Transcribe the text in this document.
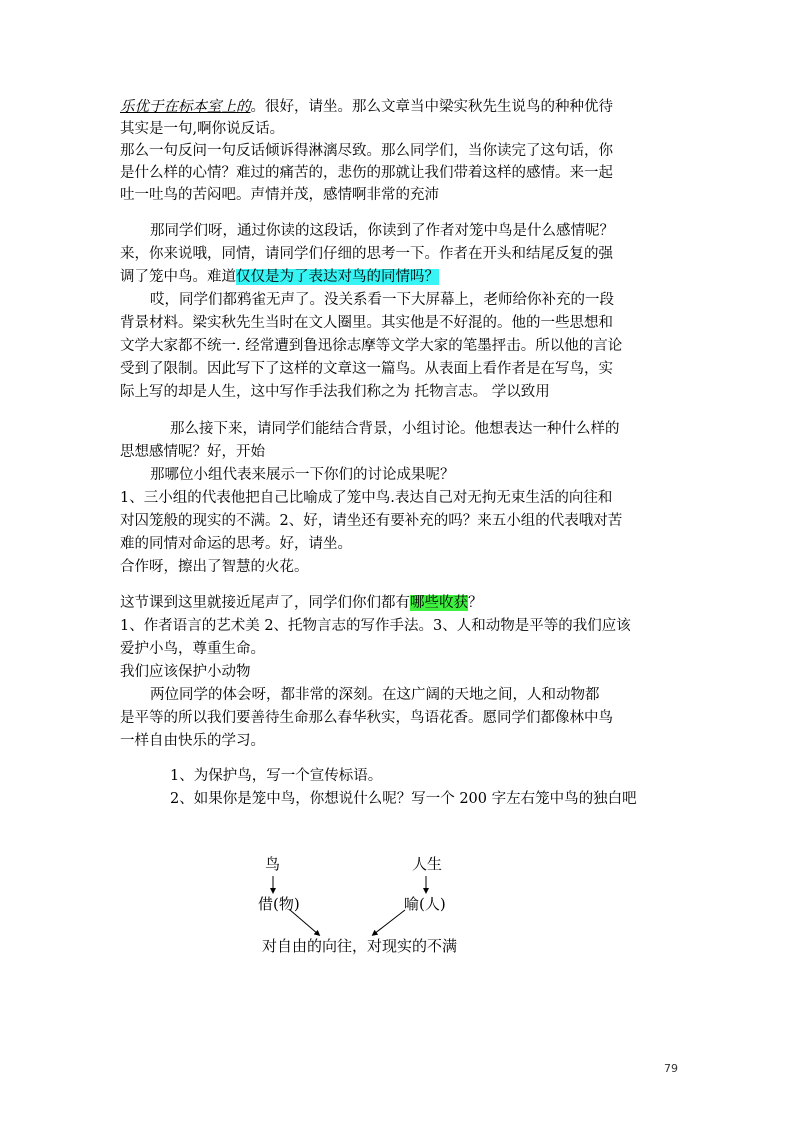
乐优于在标本室上的。很好，请坐。那么文章当中梁实秋先生说鸟的种种优待
其实是一句,啊你说反话。
那么一句反问一句反话倾诉得淋漓尽致。那么同学们，当你读完了这句话，你
是什么样的心情？难过的痛苦的，悲伤的那就让我们带着这样的感情。来一起
吐一吐鸟的苦闷吧。声情并茂，感情啊非常的充沛
那同学们呀，通过你读的这段话，你读到了作者对笼中鸟是什么感情呢？
来，你来说哦，同情，请同学们仔细的思考一下。作者在开头和结尾反复的强
调了笼中鸟。难道仅仅是为了表达对鸟的同情吗？
哎，同学们都鸦雀无声了。没关系看一下大屏幕上，老师给你补充的一段
背景材料。梁实秋先生当时在文人圈里。其实他是不好混的。他的一些思想和
文学大家都不统一. 经常遭到鲁迅徐志摩等文学大家的笔墨抨击。所以他的言论
受到了限制。因此写下了这样的文章这一篇鸟。从表面上看作者是在写鸟，实
际上写的却是人生，这中写作手法我们称之为 托物言志。 学以致用
那么接下来，请同学们能结合背景，小组讨论。他想表达一种什么样的
思想感情呢？好，开始
那哪位小组代表来展示一下你们的讨论成果呢？
1、三小组的代表他把自己比喻成了笼中鸟.表达自己对无拘无束生活的向往和
对囚笼般的现实的不满。2、好，请坐还有要补充的吗？来五小组的代表哦对苦
难的同情对命运的思考。好，请坐。
合作呀，擦出了智慧的火花。
这节课到这里就接近尾声了，同学们你们都有哪些收获？
1、作者语言的艺术美 2、托物言志的写作手法。3、人和动物是平等的我们应该
爱护小鸟，尊重生命。
我们应该保护小动物
两位同学的体会呀，都非常的深刻。在这广阔的天地之间，人和动物都
是平等的所以我们要善待生命那么春华秋实，鸟语花香。愿同学们都像林中鸟
一样自由快乐的学习。
1、为保护鸟，写一个宣传标语。
2、如果你是笼中鸟，你想说什么呢？写一个 200 字左右笼中鸟的独白吧
鸟	人生
借(物)	喻(人)
对自由的向往，对现实的不满
79
